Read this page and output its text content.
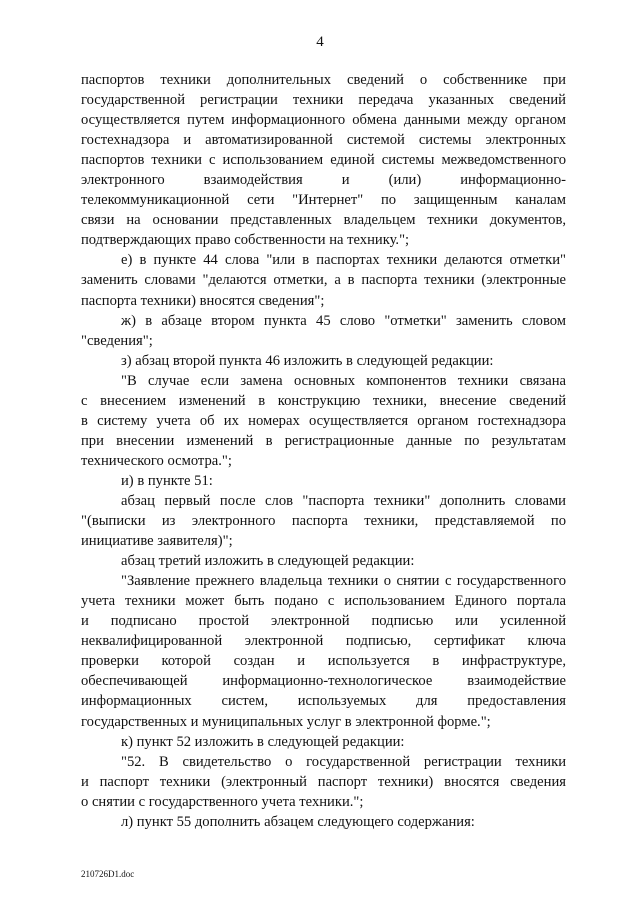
4
паспортов техники дополнительных сведений о собственнике при
государственной регистрации техники передача указанных сведений
осуществляется путем информационного обмена данными между органом
гостехнадзора и автоматизированной системой системы электронных
паспортов техники с использованием единой системы межведомственного
электронного взаимодействия и (или) информационно-
телекоммуникационной сети "Интернет" по защищенным каналам
связи на основании представленных владельцем техники документов,
подтверждающих право собственности на технику.";
е) в пункте 44 слова "или в паспортах техники делаются отметки"
заменить словами "делаются отметки, а в паспорта техники (электронные
паспорта техники) вносятся сведения";
ж) в абзаце втором пункта 45 слово "отметки" заменить словом
"сведения";
з) абзац второй пункта 46 изложить в следующей редакции:
"В случае если замена основных компонентов техники связана
с внесением изменений в конструкцию техники, внесение сведений
в систему учета об их номерах осуществляется органом гостехнадзора
при внесении изменений в регистрационные данные по результатам
технического осмотра.";
и) в пункте 51:
абзац первый после слов "паспорта техники" дополнить словами
"(выписки из электронного паспорта техники, представляемой по
инициативе заявителя)";
абзац третий изложить в следующей редакции:
"Заявление прежнего владельца техники о снятии с государственного
учета техники может быть подано с использованием Единого портала
и подписано простой электронной подписью или усиленной
неквалифицированной электронной подписью, сертификат ключа
проверки которой создан и используется в инфраструктуре,
обеспечивающей информационно-технологическое взаимодействие
информационных систем, используемых для предоставления
государственных и муниципальных услуг в электронной форме.";
к) пункт 52 изложить в следующей редакции:
"52. В свидетельство о государственной регистрации техники
и паспорт техники (электронный паспорт техники) вносятся сведения
о снятии с государственного учета техники.";
л) пункт 55 дополнить абзацем следующего содержания:
210726D1.doc
